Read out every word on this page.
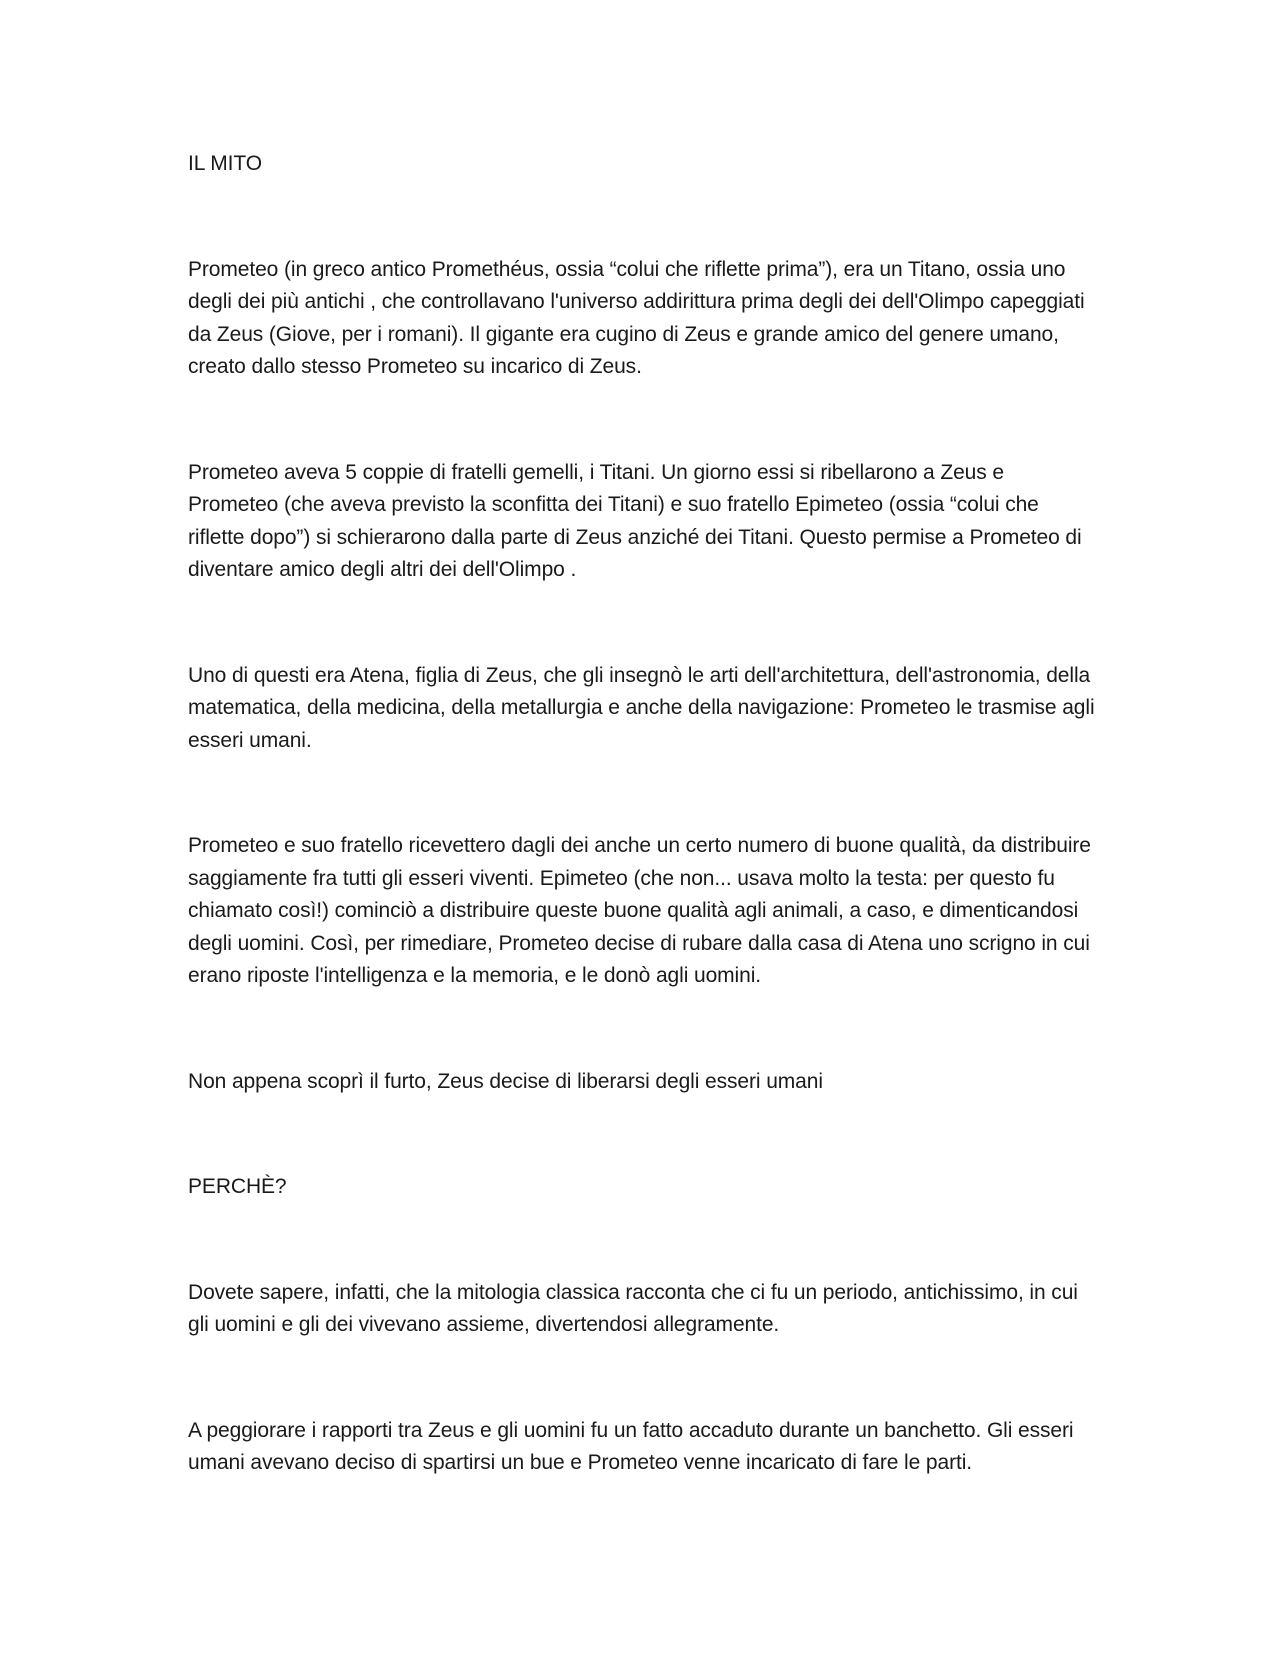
IL MITO

Prometeo (in greco antico Promethéus, ossia “colui che riflette prima”), era un Titano, ossia uno degli dei più antichi , che controllavano l'universo addirittura prima degli dei dell'Olimpo capeggiati da Zeus (Giove, per i romani). Il gigante era cugino di Zeus e grande amico del genere umano, creato dallo stesso Prometeo su incarico di Zeus.

Prometeo aveva 5 coppie di fratelli gemelli, i Titani. Un giorno essi si ribellarono a Zeus e Prometeo (che aveva previsto la sconfitta dei Titani) e suo fratello Epimeteo (ossia “colui che riflette dopo”) si schierarono dalla parte di Zeus anziché dei Titani. Questo permise a Prometeo di diventare amico degli altri dei dell'Olimpo .

Uno di questi era Atena, figlia di Zeus, che gli insegnò le arti dell'architettura, dell'astronomia, della matematica, della medicina, della metallurgia e anche della navigazione: Prometeo le trasmise agli esseri umani.

Prometeo e suo fratello ricevettero dagli dei anche un certo numero di buone qualità, da distribuire saggiamente fra tutti gli esseri viventi. Epimeteo (che non... usava molto la testa: per questo fu chiamato così!) cominciò a distribuire queste buone qualità agli animali, a caso, e dimenticandosi degli uomini. Così, per rimediare, Prometeo decise di rubare dalla casa di Atena uno scrigno in cui erano riposte l'intelligenza e la memoria, e le donò agli uomini.

Non appena scoprì il furto, Zeus decise di liberarsi degli esseri umani

PERCHÈ?

Dovete sapere, infatti, che la mitologia classica racconta che ci fu un periodo, antichissimo, in cui gli uomini e gli dei vivevano assieme, divertendosi allegramente.

A peggiorare i rapporti tra Zeus e gli uomini fu un fatto accaduto durante un banchetto. Gli esseri umani avevano deciso di spartirsi un bue e Prometeo venne incaricato di fare le parti.
